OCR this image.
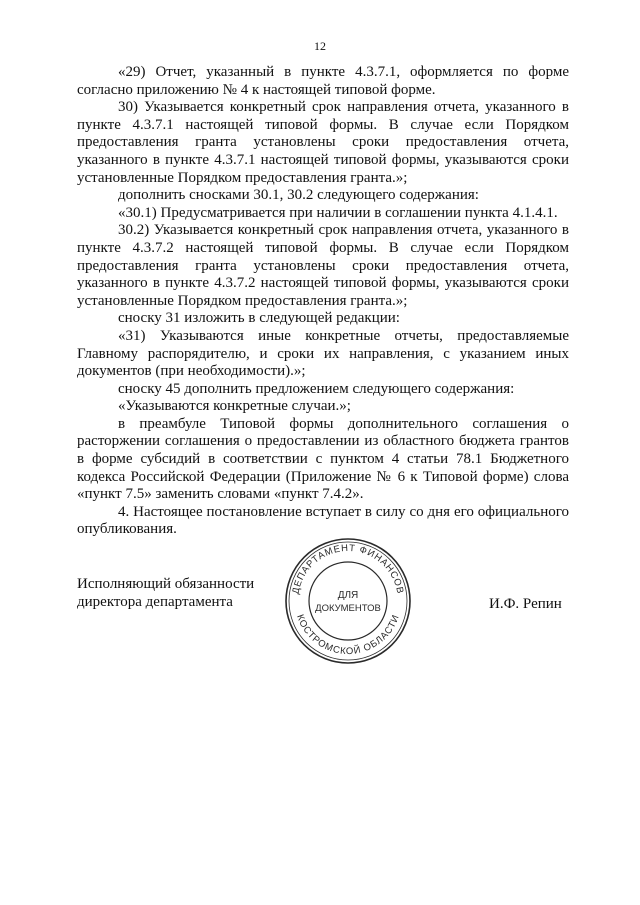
12

«29) Отчет, указанный в пункте 4.3.7.1, оформляется по форме согласно приложению № 4 к настоящей типовой форме.

30) Указывается конкретный срок направления отчета, указанного в пункте 4.3.7.1 настоящей типовой формы. В случае если Порядком предоставления гранта установлены сроки предоставления отчета, указанного в пункте 4.3.7.1 настоящей типовой формы, указываются сроки установленные Порядком предоставления гранта.»;

дополнить сносками 30.1, 30.2 следующего содержания:

«30.1) Предусматривается при наличии в соглашении пункта 4.1.4.1.

30.2) Указывается конкретный срок направления отчета, указанного в пункте 4.3.7.2 настоящей типовой формы. В случае если Порядком предоставления гранта установлены сроки предоставления отчета, указанного в пункте 4.3.7.2 настоящей типовой формы, указываются сроки установленные Порядком предоставления гранта.»;

сноску 31 изложить в следующей редакции:

«31) Указываются иные конкретные отчеты, предоставляемые Главному распорядителю, и сроки их направления, с указанием иных документов (при необходимости).»;

сноску 45 дополнить предложением следующего содержания:

«Указываются конкретные случаи.»;

в преамбуле Типовой формы дополнительного соглашения о расторжении соглашения о предоставлении из областного бюджета грантов в форме субсидий в соответствии с пунктом 4 статьи 78.1 Бюджетного кодекса Российской Федерации (Приложение № 6 к Типовой форме) слова «пункт 7.5» заменить словами «пункт 7.4.2».

4. Настоящее постановление вступает в силу со дня его официального опубликования.

Исполняющий обязанности
директора департамента
ДЕПАРТАМЕНТ ФИНАНСОВ
КОСТРОМСКОЙ ОБЛАСТИ
ДЛЯ
ДОКУМЕНТОВ	И.Ф. Репин
